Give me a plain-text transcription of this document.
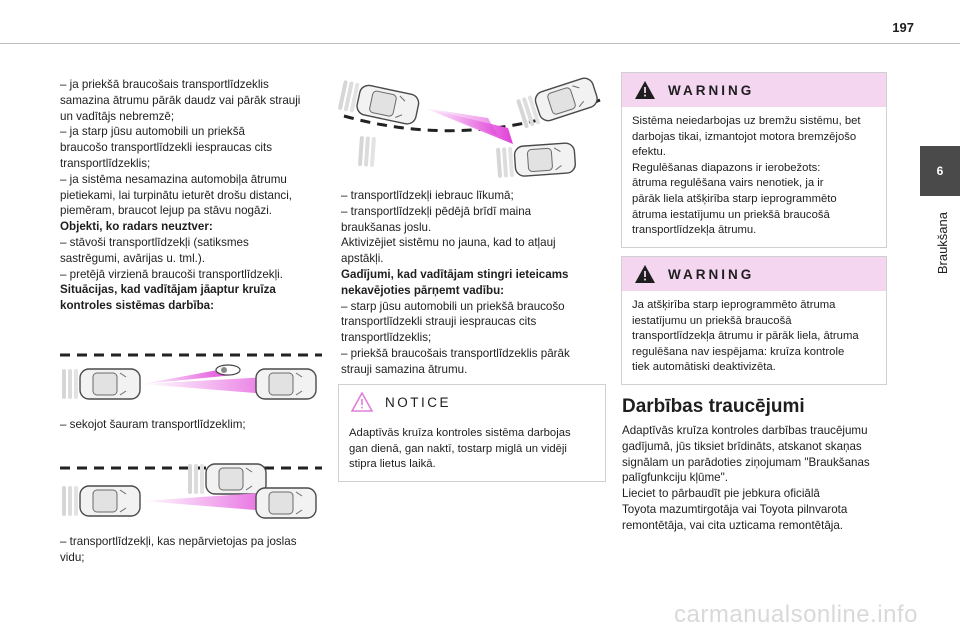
197
6
Braukšana

– ja priekšā braucošais transportlīdzeklis

samazina ātrumu pārāk daudz vai pārāk strauji

un vadītājs nebremzē;

– ja starp jūsu automobili un priekšā

braucošo transportlīdzekli iespraucas cits

transportlīdzeklis;

– ja sistēma nesamazina automobiļa ātrumu

pietiekami, lai turpinātu ieturēt drošu distanci,

piemēram, braucot lejup pa stāvu nogāzi.

Objekti, ko radars neuztver:

– stāvoši transportlīdzekļi (satiksmes

sastrēgumi, avārijas u. tml.).

– pretējā virzienā braucoši transportlīdzekļi.

Situācijas, kad vadītājam jāaptur kruīza

kontroles sistēmas darbība:

– sekojot šauram transportlīdzeklim;

– transportlīdzekļi, kas nepārvietojas pa joslas

vidu;

– transportlīdzekļi iebrauc līkumā;

– transportlīdzekļi pēdējā brīdī maina

braukšanas joslu.

Aktivizējiet sistēmu no jauna, kad to atļauj

apstākļi.

Gadījumi, kad vadītājam stingri ieteicams

nekavējoties pārņemt vadību:

– starp jūsu automobili un priekšā braucošo

transportlīdzekli strauji iespraucas cits

transportlīdzeklis;

– priekšā braucošais transportlīdzeklis pārāk

strauji samazina ātrumu.

NOTICE

Adaptīvās kruīza kontroles sistēma darbojas

gan dienā, gan naktī, tostarp miglā un vidēji

stipra lietus laikā.

WARNING

Sistēma neiedarbojas uz bremžu sistēmu, bet

darbojas tikai, izmantojot motora bremzējošo

efektu.

Regulēšanas diapazons ir ierobežots:

ātruma regulēšana vairs nenotiek, ja ir

pārāk liela atšķirība starp ieprogrammēto

ātruma iestatījumu un priekšā braucošā

transportlīdzekļa ātrumu.

WARNING

Ja atšķirība starp ieprogrammēto ātruma

iestatījumu un priekšā braucošā

transportlīdzekļa ātrumu ir pārāk liela, ātruma

regulēšana nav iespējama: kruīza kontrole

tiek automātiski deaktivizēta.

Darbības traucējumi

Adaptīvās kruīza kontroles darbības traucējumu

gadījumā, jūs tiksiet brīdināts, atskanot skaņas

signālam un parādoties ziņojumam "Braukšanas

palīgfunkciju kļūme".

Lieciet to pārbaudīt pie jebkura oficiālā

Toyota mazumtirgotāja vai Toyota pilnvarota

remontētāja, vai cita uzticama remontētāja.

carmanualsonline.info
